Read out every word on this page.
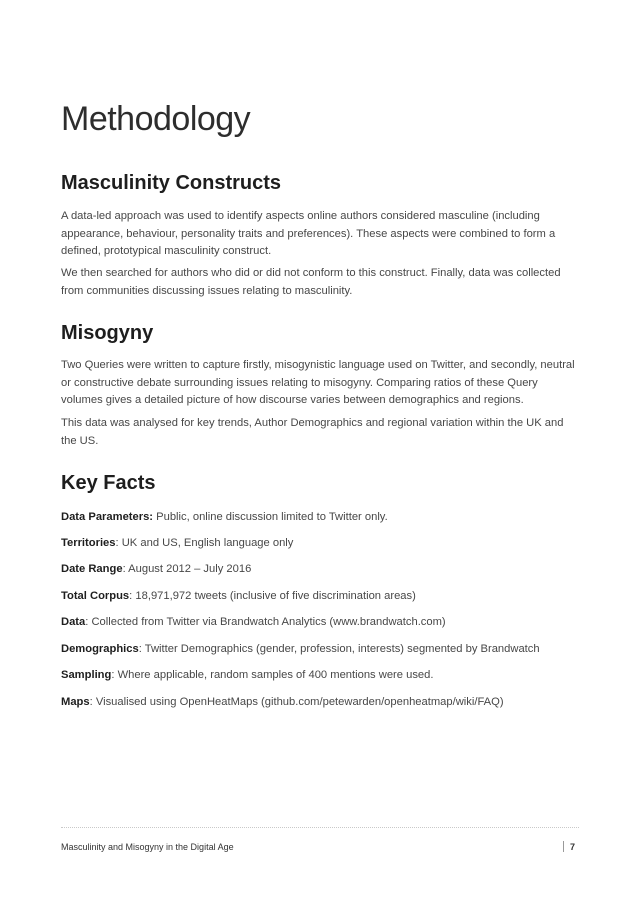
Methodology
Masculinity Constructs

A data-led approach was used to identify aspects online authors considered masculine (including appearance, behaviour, personality traits and preferences). These aspects were combined to form a defined, prototypical masculinity construct.

We then searched for authors who did or did not conform to this construct. Finally, data was collected from communities discussing issues relating to masculinity.

Misogyny

Two Queries were written to capture firstly, misogynistic language used on Twitter, and secondly, neutral or constructive debate surrounding issues relating to misogyny. Comparing ratios of these Query volumes gives a detailed picture of how discourse varies between demographics and regions.

This data was analysed for key trends, Author Demographics and regional variation within the UK and the US.

Key Facts

Data Parameters: Public, online discussion limited to Twitter only.

Territories: UK and US, English language only

Date Range: August 2012 – July 2016

Total Corpus: 18,971,972 tweets (inclusive of five discrimination areas)

Data: Collected from Twitter via Brandwatch Analytics (www.brandwatch.com)

Demographics: Twitter Demographics (gender, profession, interests) segmented by Brandwatch

Sampling: Where applicable, random samples of 400 mentions were used.

Maps: Visualised using OpenHeatMaps (github.com/petewarden/openheatmap/wiki/FAQ)

Masculinity and Misogyny in the Digital Age	7
